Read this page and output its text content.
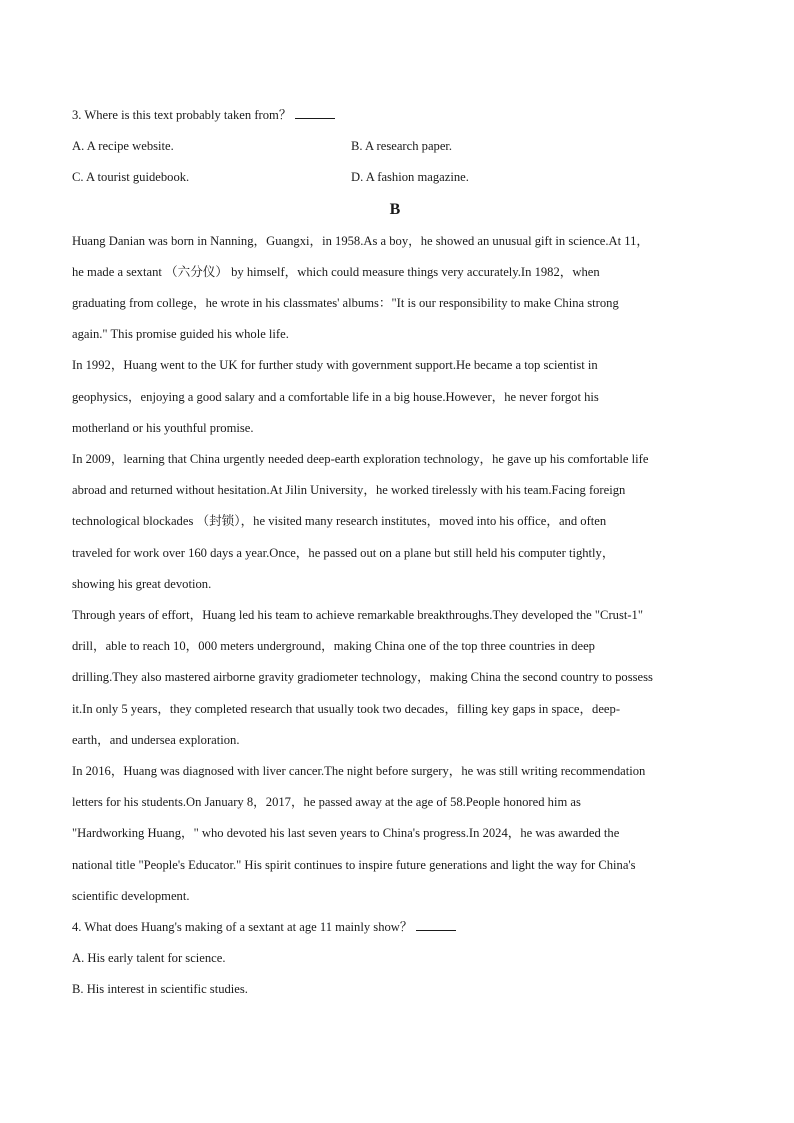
3. Where is this text probably taken from？
A. A recipe website.	B. A research paper.
C. A tourist guidebook.	D. A fashion magazine.
B
Huang Danian was born in Nanning，Guangxi，in 1958.As a boy，he showed an unusual gift in science.At 11，
he made a sextant （六分仪） by himself，which could measure things very accurately.In 1982，when
graduating from college，he wrote in his classmates' albums："It is our responsibility to make China strong
again." This promise guided his whole life.
In 1992，Huang went to the UK for further study with government support.He became a top scientist in
geophysics，enjoying a good salary and a comfortable life in a big house.However，he never forgot his
motherland or his youthful promise.
In 2009，learning that China urgently needed deep-earth exploration technology，he gave up his comfortable life
abroad and returned without hesitation.At Jilin University，he worked tirelessly with his team.Facing foreign
technological blockades （封锁），he visited many research institutes，moved into his office，and often
traveled for work over 160 days a year.Once，he passed out on a plane but still held his computer tightly，
showing his great devotion.
Through years of effort，Huang led his team to achieve remarkable breakthroughs.They developed the "Crust-1"
drill，able to reach 10，000 meters underground，making China one of the top three countries in deep
drilling.They also mastered airborne gravity gradiometer technology，making China the second country to possess
it.In only 5 years，they completed research that usually took two decades，filling key gaps in space，deep-
earth，and undersea exploration.
In 2016，Huang was diagnosed with liver cancer.The night before surgery，he was still writing recommendation
letters for his students.On January 8，2017，he passed away at the age of 58.People honored him as
"Hardworking Huang，" who devoted his last seven years to China's progress.In 2024，he was awarded the
national title "People's Educator." His spirit continues to inspire future generations and light the way for China's
scientific development.
4. What does Huang's making of a sextant at age 11 mainly show？
A. His early talent for science.
B. His interest in scientific studies.
